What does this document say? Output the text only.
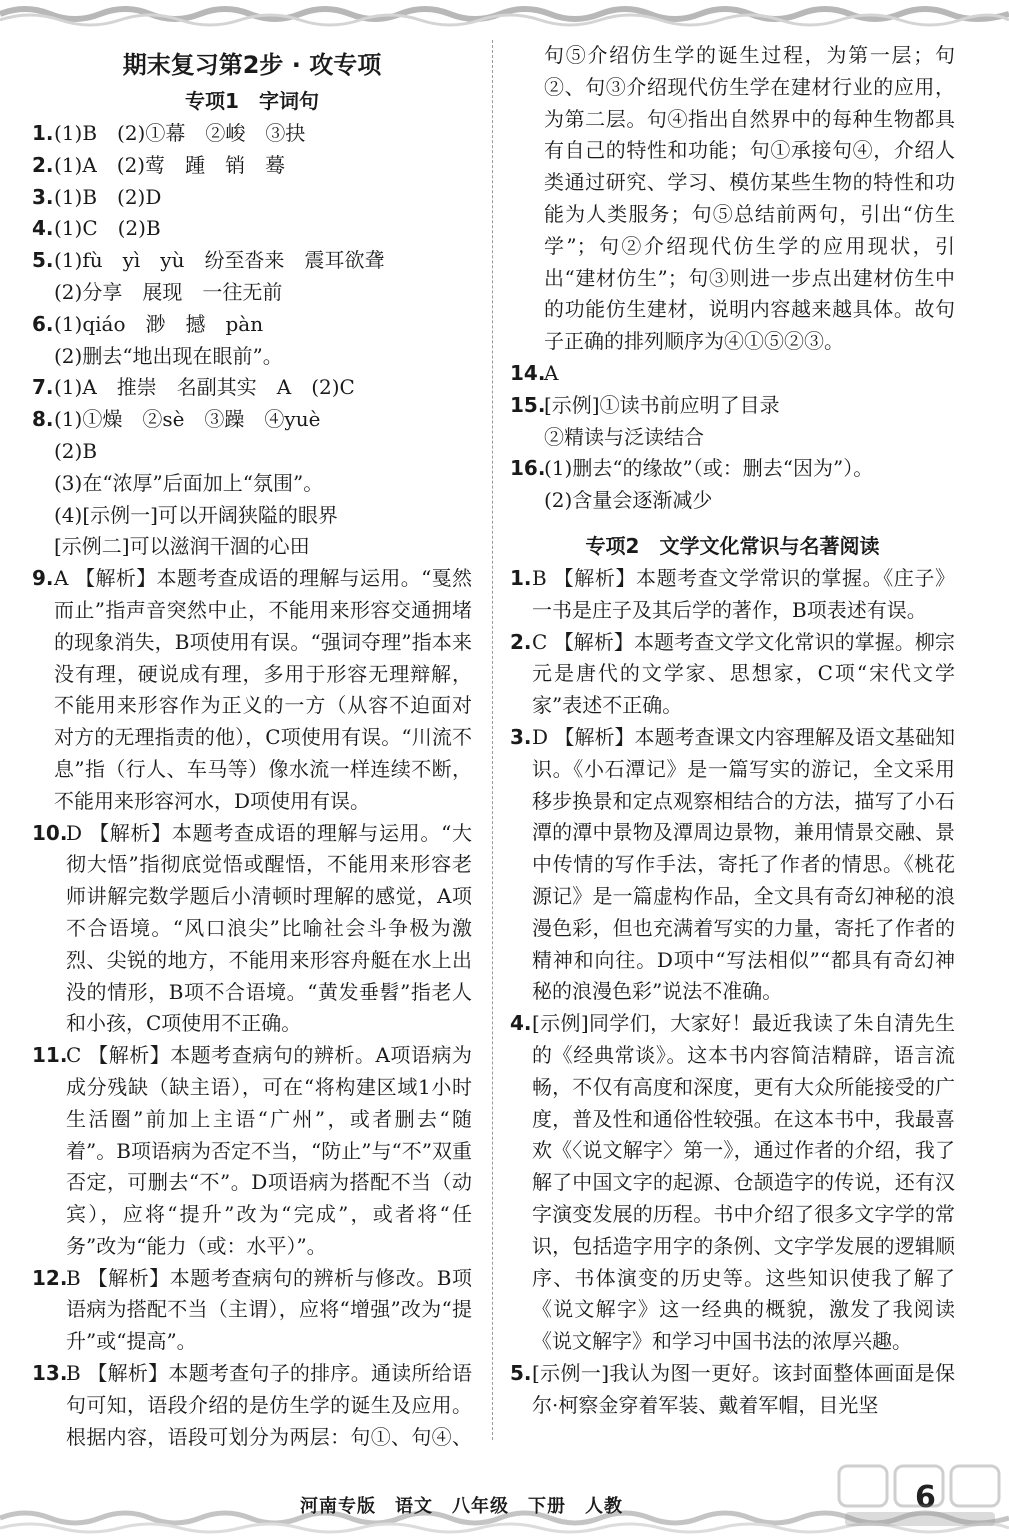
期末复习第2步 · 攻专项
专项1　字词句
1. (1)B　(2)①幕　②峻　③抉
2. (1)A　(2)莺　踵　销　蓦
3. (1)B　(2)D
4. (1)C　(2)B
5. (1)fù　yì　yù　纷至沓来　震耳欲聋
(2)分享　展现　一往无前
6. (1)qiáo　渺　撼　pàn
(2)删去“地出现在眼前”。
7. (1)A　推崇　名副其实　A　(2)C
8. (1)①燥　②sè　③躁　④yuè
(2)B
(3)在“浓厚”后面加上“氛围”。
(4)[示例一]可以开阔狭隘的眼界
[示例二]可以滋润干涸的心田
9. A 【解析】本题考查成语的理解与运用。“戛然而止”指声音突然中止，不能用来形容交通拥堵的现象消失，B项使用有误。“强词夺理”指本来没有理，硬说成有理，多用于形容无理辩解，不能用来形容作为正义的一方（从容不迫面对对方的无理指责的他），C项使用有误。“川流不息”指（行人、车马等）像水流一样连续不断，不能用来形容河水，D项使用有误。
10.
D 【解析】本题考查成语的理解与运用。“大彻大悟”指彻底觉悟或醒悟，不能用来形容老师讲解完数学题后小清顿时理解的感觉，A项不合语境。“风口浪尖”比喻社会斗争极为激烈、尖锐的地方，不能用来形容舟艇在水上出没的情形，B项不合语境。“黄发垂髫”指老人和小孩，C项使用不正确。
11.
C 【解析】本题考查病句的辨析。A项语病为成分残缺（缺主语），可在“将构建区域1小时生活圈”前加上主语“广州”，或者删去“随着”。B项语病为否定不当，“防止”与“不”双重否定，可删去“不”。D项语病为搭配不当（动宾），应将“提升”改为“完成”，或者将“任务”改为“能力（或：水平）”。
12.
B 【解析】本题考查病句的辨析与修改。B项语病为搭配不当（主谓），应将“增强”改为“提升”或“提高”。
13.
B 【解析】本题考查句子的排序。通读所给语句可知，语段介绍的是仿生学的诞生及应用。根据内容，语段可划分为两层：句①、句④、
句⑤介绍仿生学的诞生过程，为第一层；句②、句③介绍现代仿生学在建材行业的应用，为第二层。句④指出自然界中的每种生物都具有自己的特性和功能；句①承接句④，介绍人类通过研究、学习、模仿某些生物的特性和功能为人类服务；句⑤总结前两句，引出“仿生学”；句②介绍现代仿生学的应用现状，引出“建材仿生”；句③则进一步点出建材仿生中的功能仿生建材，说明内容越来越具体。故句子正确的排列顺序为④①⑤②③。
14.
A
15.
[示例]①读书前应明了目录
②精读与泛读结合
16.
(1)删去“的缘故”（或：删去“因为”）。
(2)含量会逐渐减少
专项2　文学文化常识与名著阅读
1. B 【解析】本题考查文学常识的掌握。《庄子》一书是庄子及其后学的著作，B项表述有误。
2. C 【解析】本题考查文学文化常识的掌握。柳宗元是唐代的文学家、思想家，C项“宋代文学家”表述不正确。
3. D 【解析】本题考查课文内容理解及语文基础知识。《小石潭记》是一篇写实的游记，全文采用移步换景和定点观察相结合的方法，描写了小石潭的潭中景物及潭周边景物，兼用情景交融、景中传情的写作手法，寄托了作者的情思。《桃花源记》是一篇虚构作品，全文具有奇幻神秘的浪漫色彩，但也充满着写实的力量，寄托了作者的精神和向往。D项中“写法相似”“都具有奇幻神秘的浪漫色彩”说法不准确。
4. [示例]同学们，大家好！最近我读了朱自清先生的《经典常谈》。这本书内容简洁精辟，语言流畅，不仅有高度和深度，更有大众所能接受的广度，普及性和通俗性较强。在这本书中，我最喜欢《〈说文解字〉第一》，通过作者的介绍，我了解了中国文字的起源、仓颉造字的传说，还有汉字演变发展的历程。书中介绍了很多文字学的常识，包括造字用字的条例、文字学发展的逻辑顺序、书体演变的历史等。这些知识使我了解了《说文解字》这一经典的概貌，激发了我阅读《说文解字》和学习中国书法的浓厚兴趣。
5. [示例一]我认为图一更好。该封面整体画面是保尔·柯察金穿着军装、戴着军帽，目光坚
河南专版　语文　八年级　下册　人教	6
